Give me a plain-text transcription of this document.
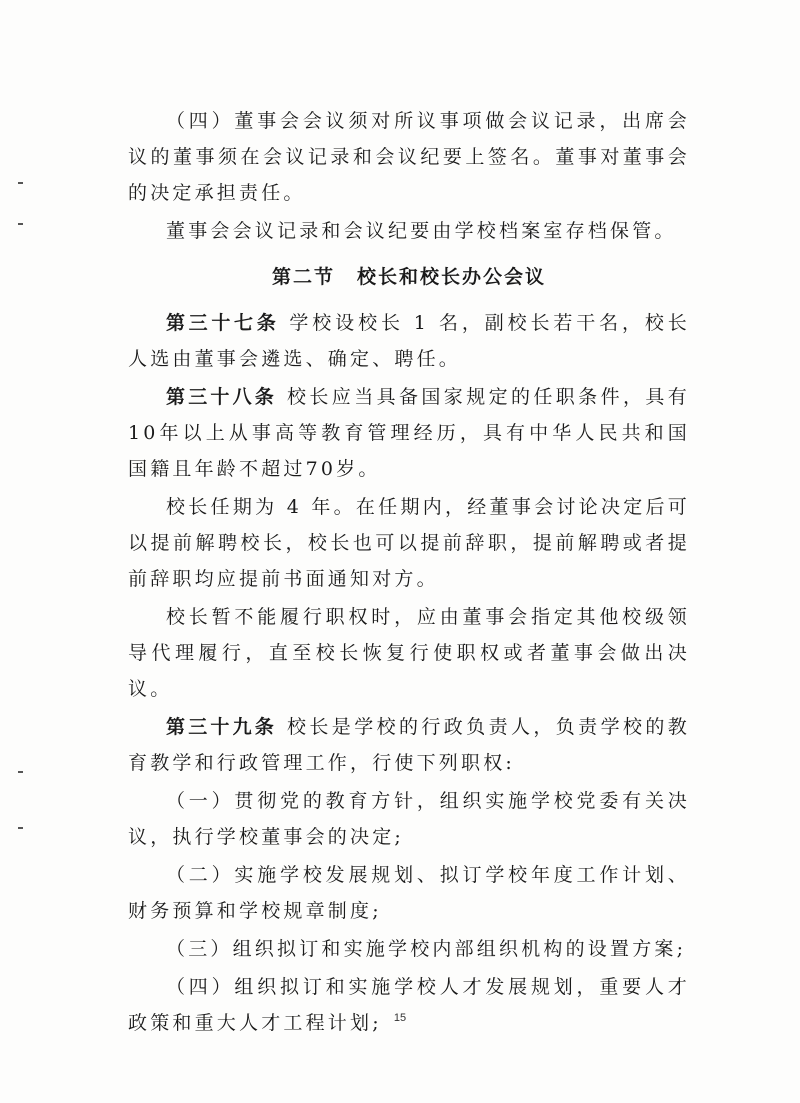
（四）董事会会议须对所议事项做会议记录，出席会议的董事须在会议记录和会议纪要上签名。董事对董事会的决定承担责任。

董事会会议记录和会议纪要由学校档案室存档保管。

第二节 校长和校长办公会议

第三十七条 学校设校长 1 名，副校长若干名，校长人选由董事会遴选、确定、聘任。

第三十八条 校长应当具备国家规定的任职条件，具有10年以上从事高等教育管理经历，具有中华人民共和国国籍且年龄不超过70岁。

校长任期为 4 年。在任期内，经董事会讨论决定后可以提前解聘校长，校长也可以提前辞职，提前解聘或者提前辞职均应提前书面通知对方。

校长暂不能履行职权时，应由董事会指定其他校级领导代理履行，直至校长恢复行使职权或者董事会做出决议。

第三十九条 校长是学校的行政负责人，负责学校的教育教学和行政管理工作，行使下列职权:

（一）贯彻党的教育方针，组织实施学校党委有关决议，执行学校董事会的决定;

（二）实施学校发展规划、拟订学校年度工作计划、财务预算和学校规章制度;

（三）组织拟订和实施学校内部组织机构的设置方案;

（四）组织拟订和实施学校人才发展规划，重要人才政策和重大人才工程计划;	15
